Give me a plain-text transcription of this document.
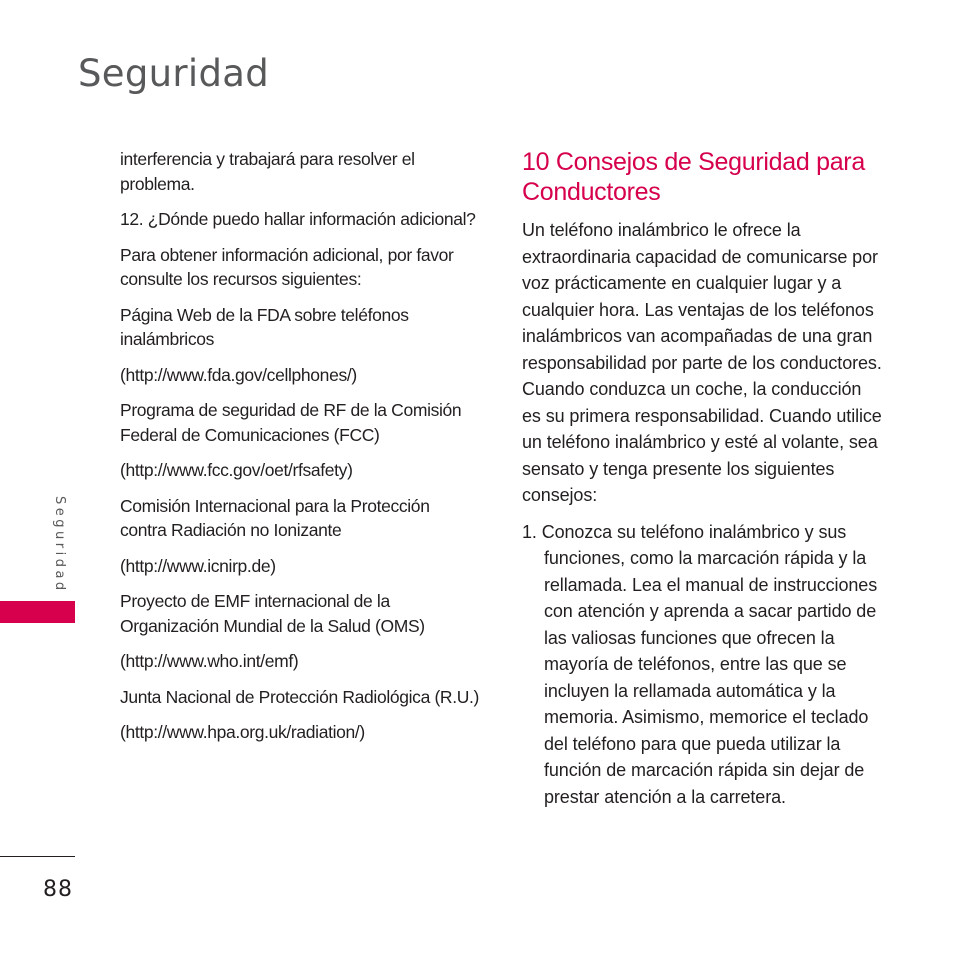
Seguridad
Seguridad

interferencia y trabajará para resolver el problema.

12. ¿Dónde puedo hallar información adicional?

Para obtener información adicional, por favor consulte los recursos siguientes:

Página Web de la FDA sobre teléfonos inalámbricos

(http://www.fda.gov/cellphones/)

Programa de seguridad de RF de la Comisión Federal de Comunicaciones (FCC)

(http://www.fcc.gov/oet/rfsafety)

Comisión Internacional para la Protección contra Radiación no Ionizante

(http://www.icnirp.de)

Proyecto de EMF internacional de la Organización Mundial de la Salud (OMS)

(http://www.who.int/emf)

Junta Nacional de Protección Radiológica (R.U.)

(http://www.hpa.org.uk/radiation/)

10 Consejos de Seguridad para Conductores

Un teléfono inalámbrico le ofrece la extraordinaria capacidad de comunicarse por voz prácticamente en cualquier lugar y a cualquier hora. Las ventajas de los teléfonos inalámbricos van acompañadas de una gran responsabilidad por parte de los conductores.

Cuando conduzca un coche, la conducción es su primera responsabilidad. Cuando utilice un teléfono inalámbrico y esté al volante, sea sensato y tenga presente los siguientes consejos:

1. Conozca su teléfono inalámbrico y sus funciones, como la marcación rápida y la rellamada. Lea el manual de instrucciones con atención y aprenda a sacar partido de las valiosas funciones que ofrecen la mayoría de teléfonos, entre las que se incluyen la rellamada automática y la memoria. Asimismo, memorice el teclado del teléfono para que pueda utilizar la función de marcación rápida sin dejar de prestar atención a la carretera.

88
